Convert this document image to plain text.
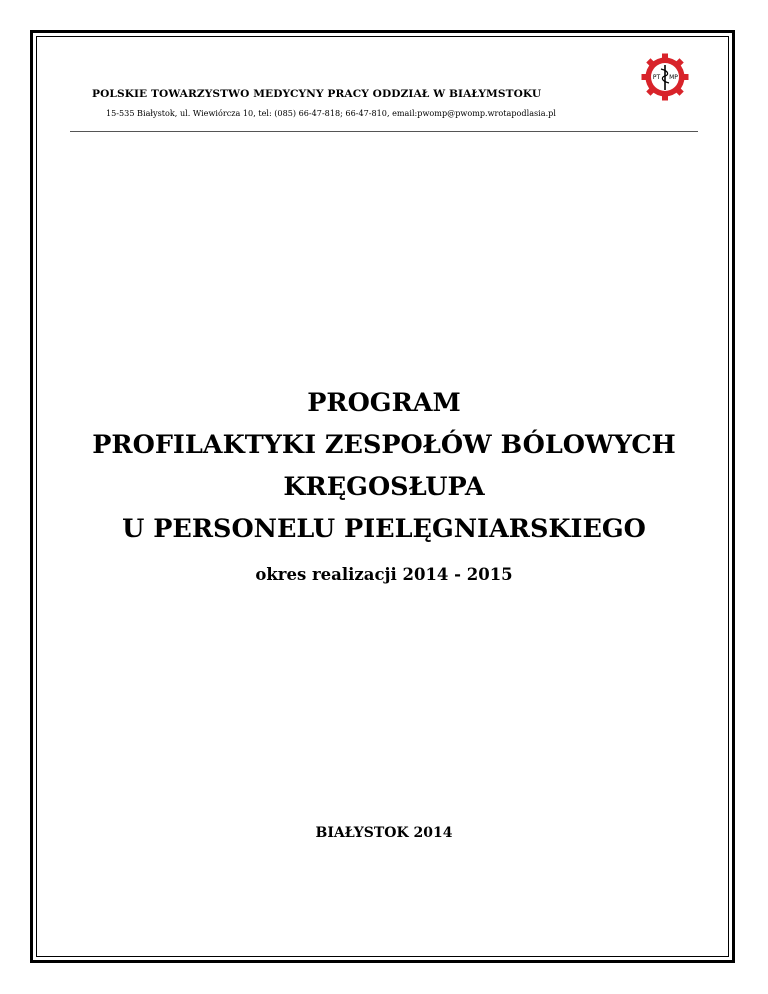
PT MP
POLSKIE TOWARZYSTWO MEDYCYNY PRACY ODDZIAŁ W BIAŁYMSTOKU
15-535 Białystok, ul. Wiewiórcza 10, tel: (085) 66-47-818; 66-47-810, email:pwomp@pwomp.wrotapodlasia.pl
PROGRAM
PROFILAKTYKI ZESPOŁÓW BÓLOWYCH
KRĘGOSŁUPA
U PERSONELU PIELĘGNIARSKIEGO
okres realizacji 2014 - 2015
BIAŁYSTOK 2014
